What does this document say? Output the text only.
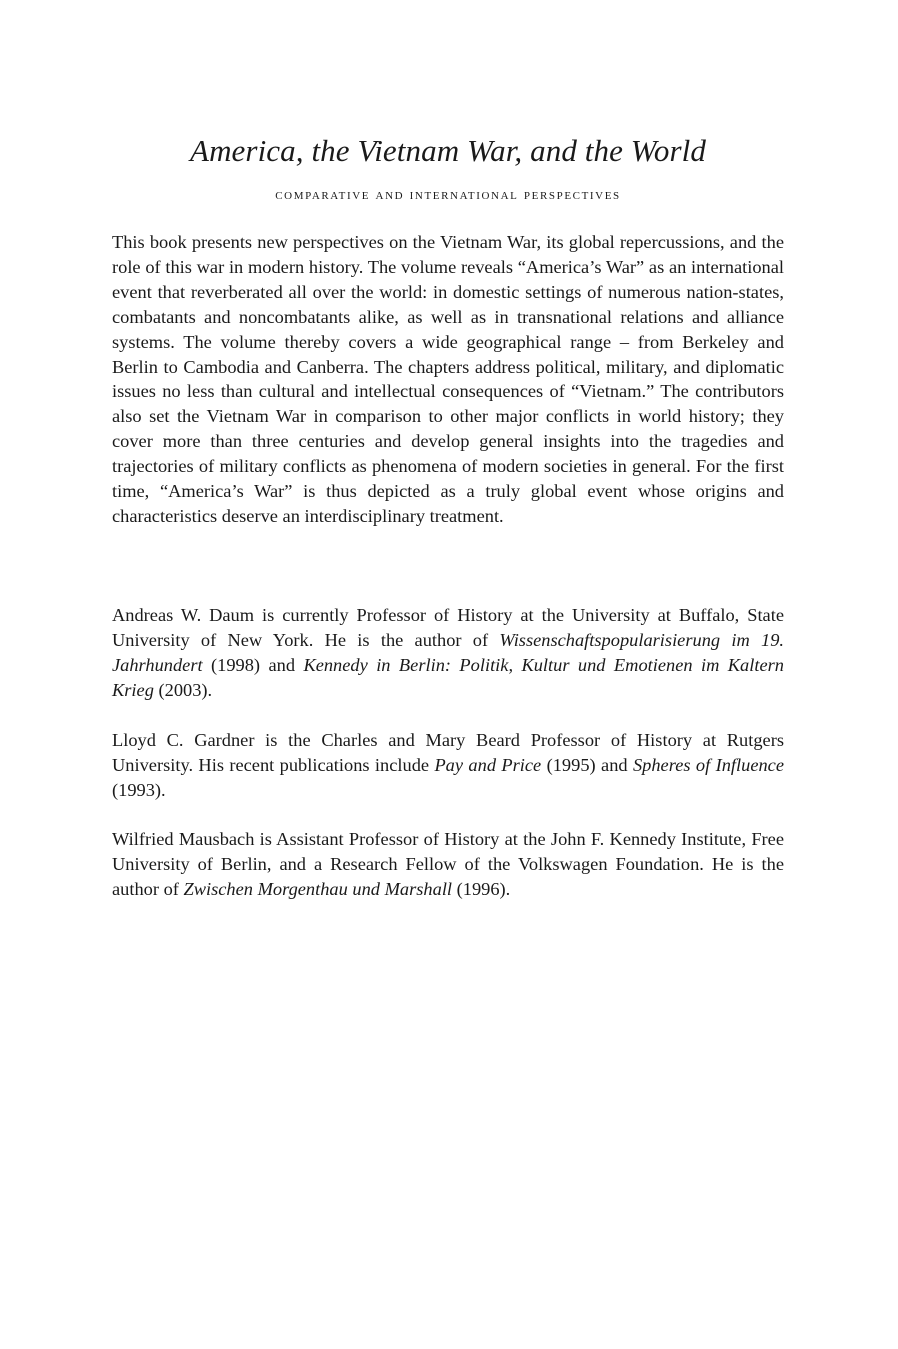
America, the Vietnam War, and the World
comparative and international perspectives

This book presents new perspectives on the Vietnam War, its global repercussions, and the role of this war in modern history. The volume reveals “America’s War” as an international event that reverberated all over the world: in domestic settings of numerous nation-states, combatants and noncombatants alike, as well as in transnational relations and alliance systems. The volume thereby covers a wide geographical range – from Berkeley and Berlin to Cambodia and Canberra. The chapters address political, military, and diplomatic issues no less than cultural and intellectual consequences of “Vietnam.” The contributors also set the Vietnam War in comparison to other major conflicts in world history; they cover more than three centuries and develop general insights into the tragedies and trajectories of military conflicts as phenomena of modern societies in general. For the first time, “America’s War” is thus depicted as a truly global event whose origins and characteristics deserve an interdisciplinary treatment.

Andreas W. Daum is currently Professor of History at the University at Buffalo, State University of New York. He is the author of Wissenschaftspopularisierung im 19. Jahrhundert (1998) and Kennedy in Berlin: Politik, Kultur und Emotienen im Kaltern Krieg (2003).

Lloyd C. Gardner is the Charles and Mary Beard Professor of History at Rutgers University. His recent publications include Pay and Price (1995) and Spheres of Influence (1993).

Wilfried Mausbach is Assistant Professor of History at the John F. Kennedy Institute, Free University of Berlin, and a Research Fellow of the Volkswagen Foundation. He is the author of Zwischen Morgenthau und Marshall (1996).
